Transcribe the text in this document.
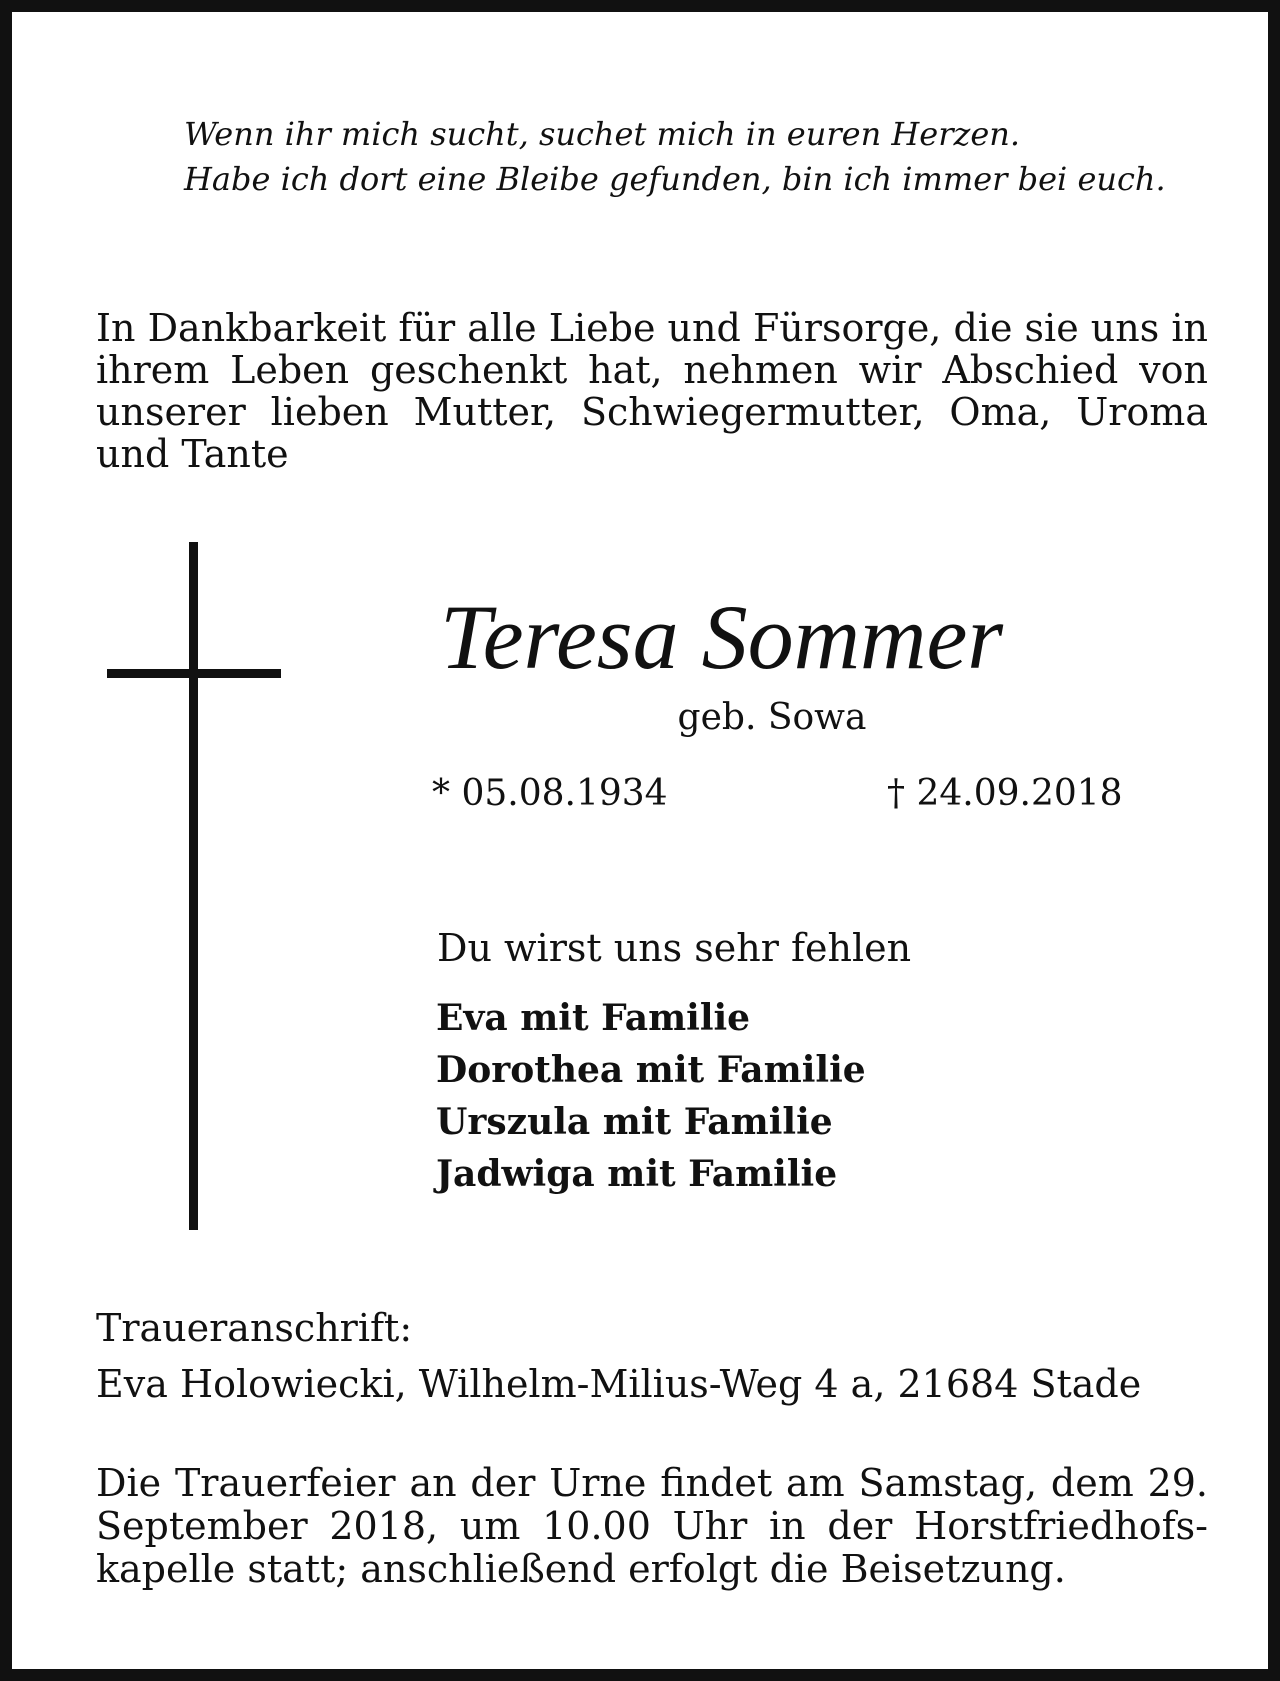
Wenn ihr mich sucht, suchet mich in euren Herzen.
Habe ich dort eine Bleibe gefunden, bin ich immer bei euch.
In Dankbarkeit für alle Liebe und Fürsorge, die sie uns in ihrem Leben geschenkt hat, nehmen wir Abschied von unserer lieben Mutter, Schwiegermutter, Oma, Uroma und Tante
Teresa Sommer
geb. Sowa
* 05.08.1934	† 24.09.2018
Du wirst uns sehr fehlen
Eva mit Familie
Dorothea mit Familie
Urszula mit Familie
Jadwiga mit Familie
Traueranschrift:
Eva Holowiecki, Wilhelm-Milius-Weg 4 a, 21684 Stade
Die Trauerfeier an der Urne findet am Samstag, dem 29. September 2018, um 10.00 Uhr in der Horstfriedhofskapelle statt; anschließend erfolgt die Beisetzung.
